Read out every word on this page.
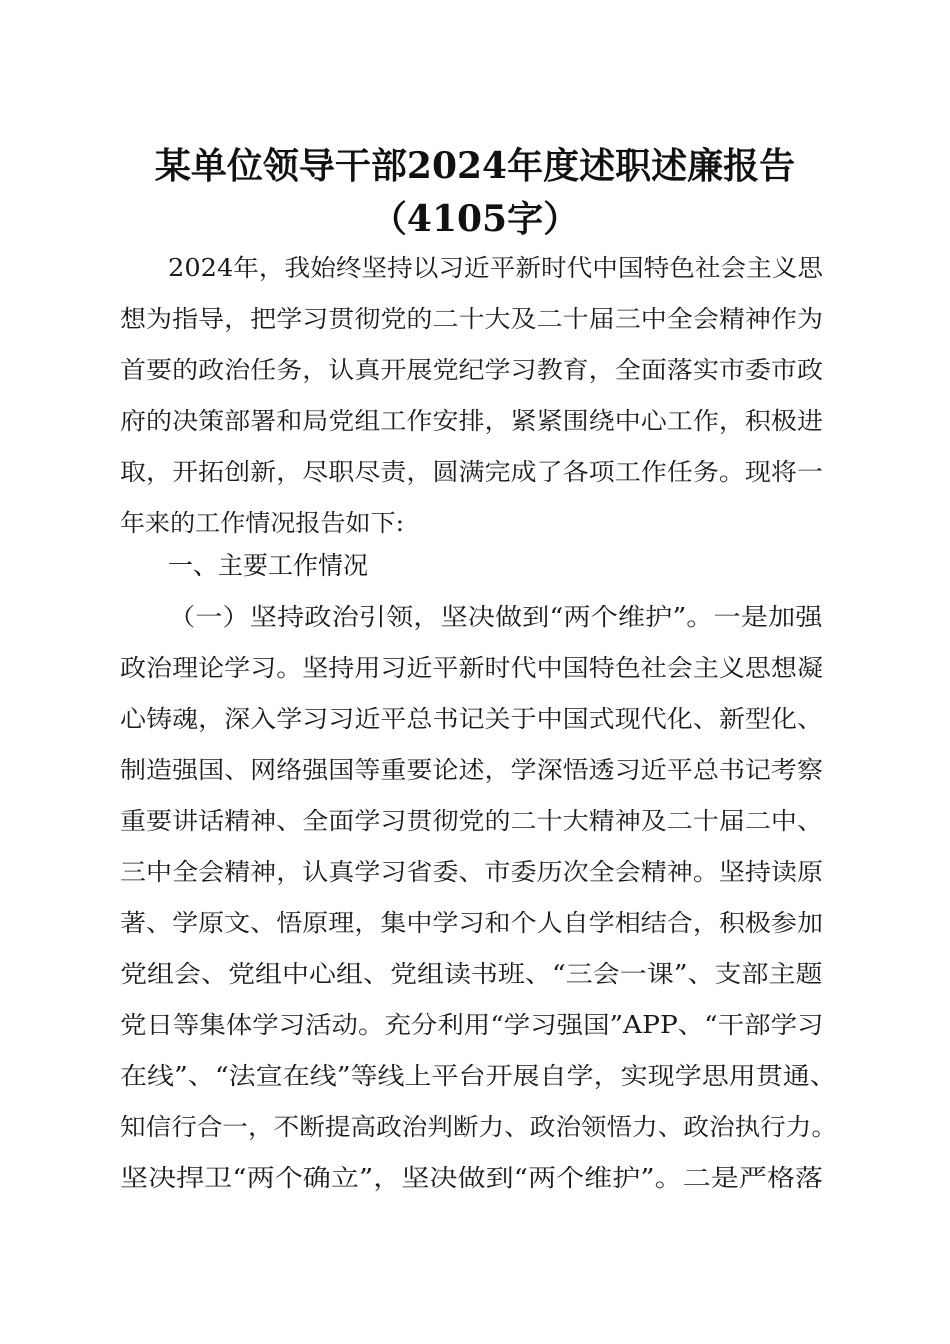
某单位领导干部2024年度述职述廉报告
（4105字）
2024年，我始终坚持以习近平新时代中国特色社会主义思
想为指导，把学习贯彻党的二十大及二十届三中全会精神作为
首要的政治任务，认真开展党纪学习教育，全面落实市委市政
府的决策部署和局党组工作安排，紧紧围绕中心工作，积极进
取，开拓创新，尽职尽责，圆满完成了各项工作任务。现将一
年来的工作情况报告如下:
一、主要工作情况
（一）坚持政治引领，坚决做到“两个维护”。一是加强
政治理论学习。坚持用习近平新时代中国特色社会主义思想凝
心铸魂，深入学习习近平总书记关于中国式现代化、新型化、
制造强国、网络强国等重要论述，学深悟透习近平总书记考察
重要讲话精神、全面学习贯彻党的二十大精神及二十届二中、
三中全会精神，认真学习省委、市委历次全会精神。坚持读原
著、学原文、悟原理，集中学习和个人自学相结合，积极参加
党组会、党组中心组、党组读书班、“三会一课”、支部主题
党日等集体学习活动。充分利用“学习强国”APP、“干部学习
在线”、“法宣在线”等线上平台开展自学，实现学思用贯通、
知信行合一，不断提高政治判断力、政治领悟力、政治执行力。
坚决捍卫“两个确立”，坚决做到“两个维护”。二是严格落
